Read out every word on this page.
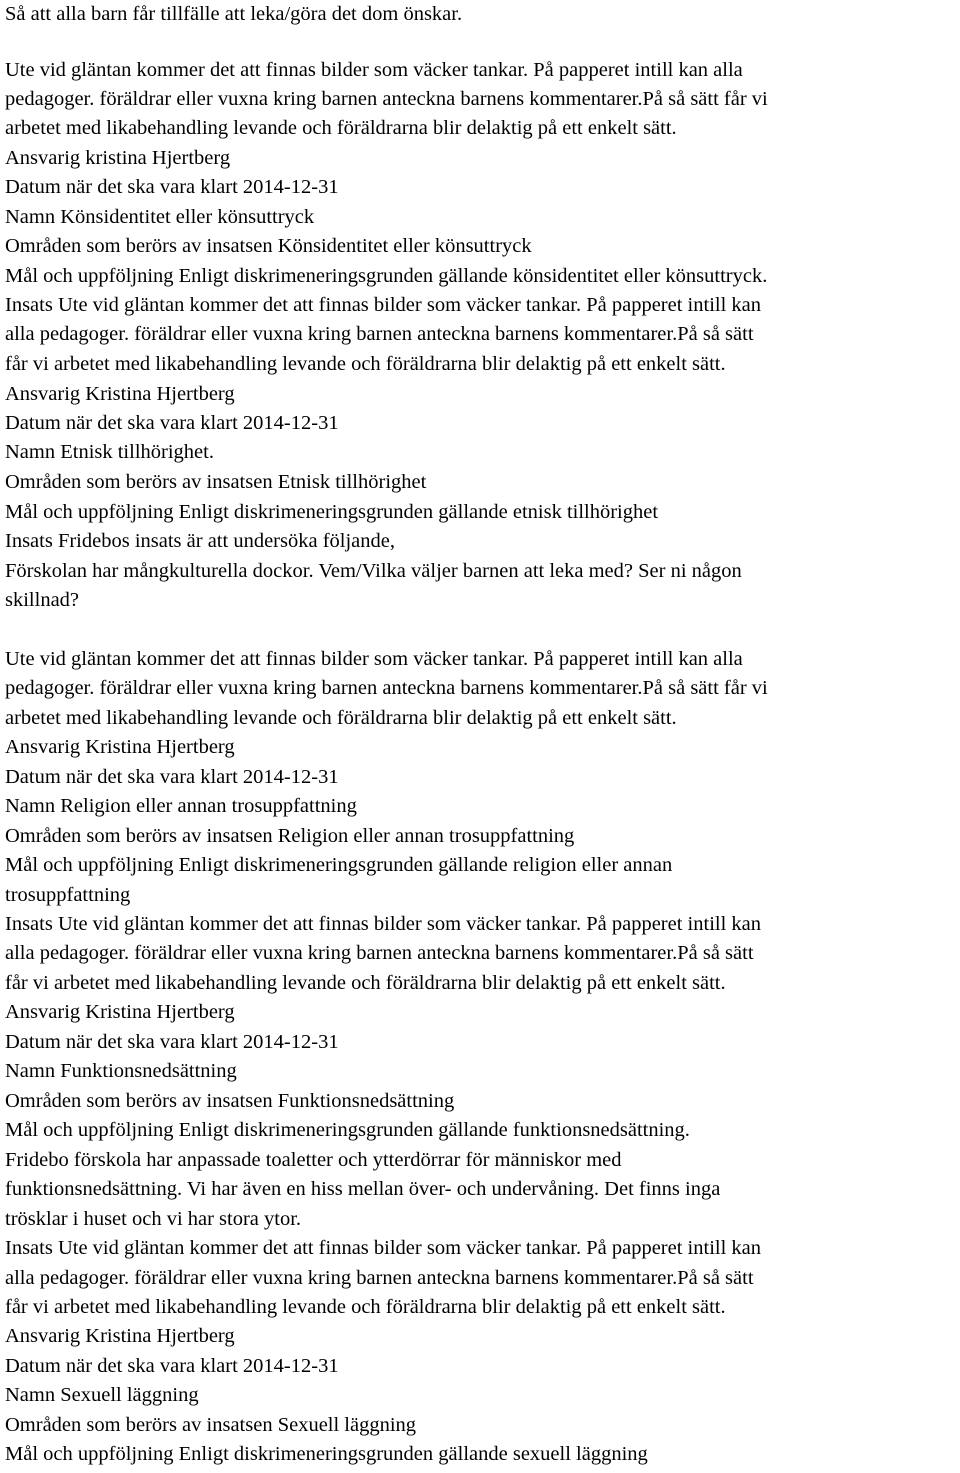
Så att alla barn får tillfälle att leka/göra det dom önskar.
Ute vid gläntan kommer det att finnas bilder som väcker tankar. På papperet intill kan alla
pedagoger. föräldrar eller vuxna kring barnen anteckna barnens kommentarer.På så sätt får vi
arbetet med likabehandling levande och föräldrarna blir delaktig på ett enkelt sätt.
Ansvarig kristina Hjertberg
Datum när det ska vara klart 2014-12-31
Namn Könsidentitet eller könsuttryck
Områden som berörs av insatsen Könsidentitet eller könsuttryck
Mål och uppföljning Enligt diskrimeneringsgrunden gällande könsidentitet eller könsuttryck.
Insats Ute vid gläntan kommer det att finnas bilder som väcker tankar. På papperet intill kan
alla pedagoger. föräldrar eller vuxna kring barnen anteckna barnens kommentarer.På så sätt
får vi arbetet med likabehandling levande och föräldrarna blir delaktig på ett enkelt sätt.
Ansvarig Kristina Hjertberg
Datum när det ska vara klart 2014-12-31
Namn Etnisk tillhörighet.
Områden som berörs av insatsen Etnisk tillhörighet
Mål och uppföljning Enligt diskrimeneringsgrunden gällande etnisk tillhörighet
Insats Fridebos insats är att undersöka följande,
Förskolan har mångkulturella dockor. Vem/Vilka väljer barnen att leka med? Ser ni någon
skillnad?
Ute vid gläntan kommer det att finnas bilder som väcker tankar. På papperet intill kan alla
pedagoger. föräldrar eller vuxna kring barnen anteckna barnens kommentarer.På så sätt får vi
arbetet med likabehandling levande och föräldrarna blir delaktig på ett enkelt sätt.
Ansvarig Kristina Hjertberg
Datum när det ska vara klart 2014-12-31
Namn Religion eller annan trosuppfattning
Områden som berörs av insatsen Religion eller annan trosuppfattning
Mål och uppföljning Enligt diskrimeneringsgrunden gällande religion eller annan
trosuppfattning
Insats Ute vid gläntan kommer det att finnas bilder som väcker tankar. På papperet intill kan
alla pedagoger. föräldrar eller vuxna kring barnen anteckna barnens kommentarer.På så sätt
får vi arbetet med likabehandling levande och föräldrarna blir delaktig på ett enkelt sätt.
Ansvarig Kristina Hjertberg
Datum när det ska vara klart 2014-12-31
Namn Funktionsnedsättning
Områden som berörs av insatsen Funktionsnedsättning
Mål och uppföljning Enligt diskrimeneringsgrunden gällande funktionsnedsättning.
Fridebo förskola har anpassade toaletter och ytterdörrar för människor med
funktionsnedsättning. Vi har även en hiss mellan över- och undervåning. Det finns inga
trösklar i huset och vi har stora ytor.
Insats Ute vid gläntan kommer det att finnas bilder som väcker tankar. På papperet intill kan
alla pedagoger. föräldrar eller vuxna kring barnen anteckna barnens kommentarer.På så sätt
får vi arbetet med likabehandling levande och föräldrarna blir delaktig på ett enkelt sätt.
Ansvarig Kristina Hjertberg
Datum när det ska vara klart 2014-12-31
Namn Sexuell läggning
Områden som berörs av insatsen Sexuell läggning
Mål och uppföljning Enligt diskrimeneringsgrunden gällande sexuell läggning
